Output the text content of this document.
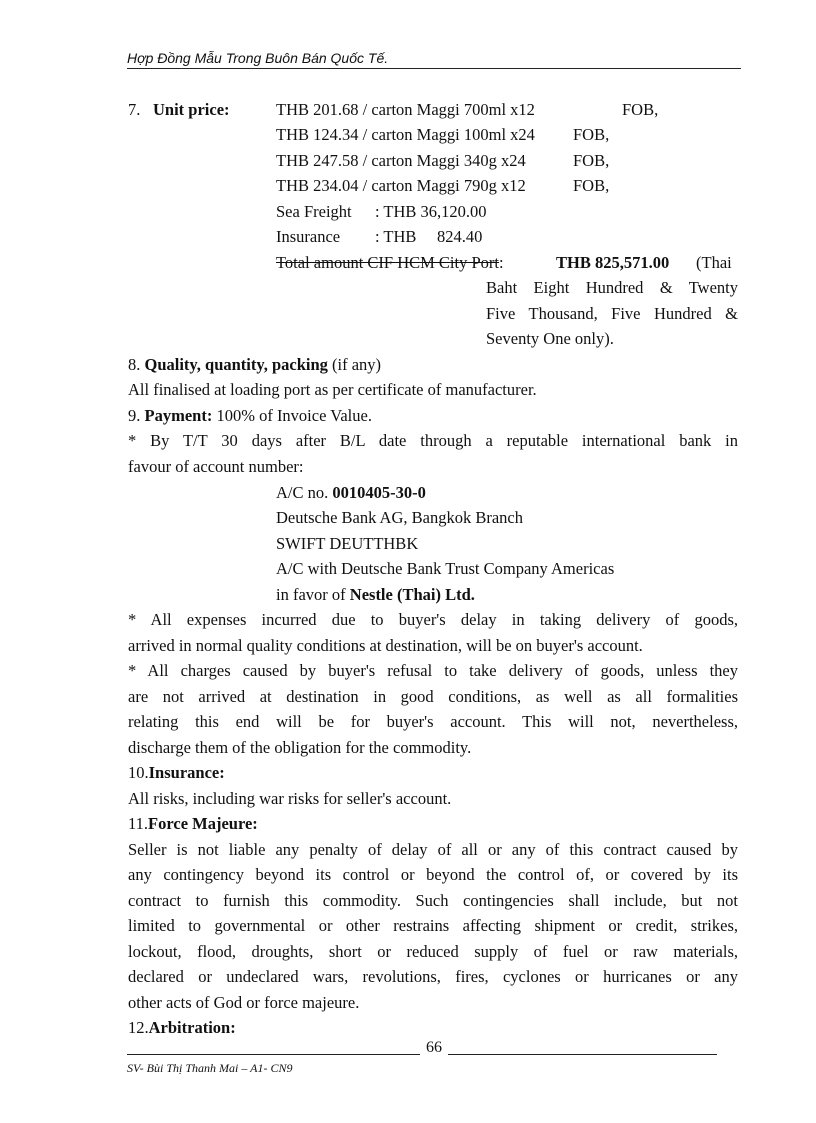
Hợp Đồng Mẫu Trong Buôn Bán Quốc Tế.
7. Unit price:	THB 201.68 / carton Maggi 700ml x12	FOB,
THB 124.34 / carton Maggi 100ml x24 FOB,
THB 247.58 / carton Maggi 340g x24	FOB,
THB 234.04 / carton Maggi 790g x12	FOB,
Sea Freight : THB 36,120.00
Insurance : THB     824.40
Total amount CIF HCM City Port:	THB 825,571.00 (Thai
Baht Eight Hundred & Twenty
Five Thousand, Five Hundred &
Seventy One only).
8. Quality, quantity, packing (if any)
All finalised at loading port as per certificate of manufacturer.
9. Payment: 100% of Invoice Value.
* By T/T 30 days after B/L date through a reputable international bank in
favour of account number:
A/C no. 0010405-30-0
Deutsche Bank AG, Bangkok Branch
SWIFT DEUTTHBK
A/C with Deutsche Bank Trust Company Americas
in favor of Nestle (Thai) Ltd.
* All expenses incurred due to buyer's delay in taking delivery of goods,
arrived in normal quality conditions at destination, will be on buyer's account.
* All charges caused by buyer's refusal to take delivery of goods, unless they
are not arrived at destination in good conditions, as well as all formalities
relating this end will be for buyer's account. This will not, nevertheless,
discharge them of the obligation for the commodity.
10.Insurance:
All risks, including war risks for seller's account.
11.Force Majeure:
Seller is not liable any penalty of delay of all or any of this contract caused by
any contingency beyond its control or beyond the control of, or covered by its
contract to furnish this commodity. Such contingencies shall include, but not
limited to governmental or other restrains affecting shipment or credit, strikes,
lockout, flood, droughts, short or reduced supply of fuel or raw materials,
declared or undeclared wars, revolutions, fires, cyclones or hurricanes or any
other acts of God or force majeure.
12.Arbitration:
66
SV- Bùi Thị Thanh Mai – A1- CN9
